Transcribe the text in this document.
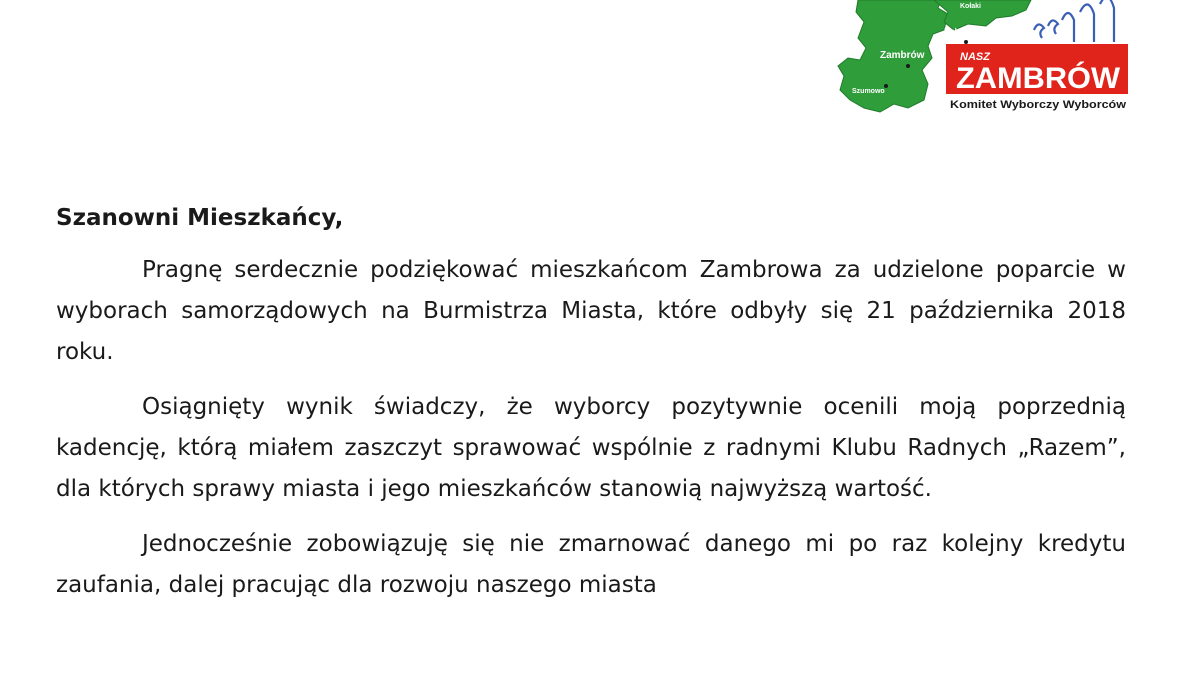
Kołaki
Kołaki
Zambrów
Szumowo
NASZ
ZAMBRÓW
Komitet Wyborczy Wyborców

Szanowni Mieszkańcy,

Pragnę serdecznie podziękować mieszkańcom Zambrowa za udzielone poparcie w wyborach samorządowych na Burmistrza Miasta, które odbyły się 21 października 2018 roku.

Osiągnięty wynik świadczy, że wyborcy pozytywnie ocenili moją poprzednią kadencję, którą miałem zaszczyt sprawować wspólnie z radnymi Klubu Radnych „Razem”, dla których sprawy miasta i jego mieszkańców stanowią najwyższą wartość.

Jednocześnie zobowiązuję się nie zmarnować danego mi po raz kolejny kredytu zaufania, dalej pracując dla rozwoju naszego miasta
